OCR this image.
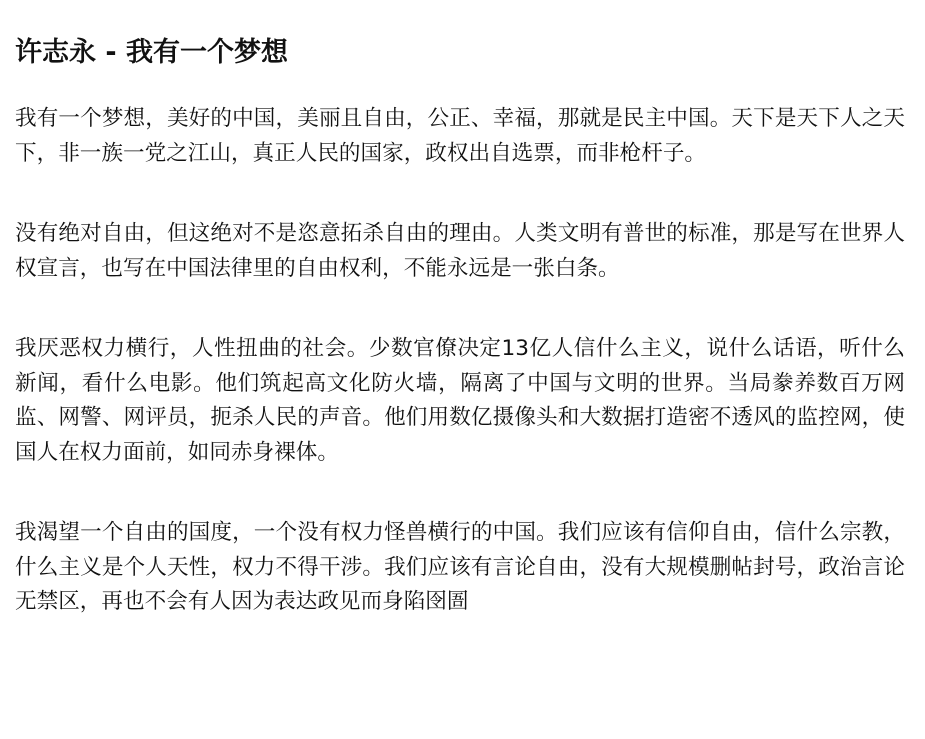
许志永 - 我有一个梦想

我有一个梦想，美好的中国，美丽且自由，公正、幸福，那就是民主中国。天下是天下人之天下，非一族一党之江山，真正人民的国家，政权出自选票，而非枪杆子。

没有绝对自由，但这绝对不是恣意拓杀自由的理由。人类文明有普世的标准，那是写在世界人权宣言，也写在中国法律里的自由权利，不能永远是一张白条。

我厌恶权力横行，人性扭曲的社会。少数官僚决定13亿人信什么主义，说什么话语，听什么新闻，看什么电影。他们筑起高文化防火墙，隔离了中国与文明的世界。当局豢养数百万网监、网警、网评员，扼杀人民的声音。他们用数亿摄像头和大数据打造密不透风的监控网，使国人在权力面前，如同赤身裸体。

我渴望一个自由的国度，一个没有权力怪兽横行的中国。我们应该有信仰自由，信什么宗教，什么主义是个人天性，权力不得干涉。我们应该有言论自由，没有大规模删帖封号，政治言论无禁区，再也不会有人因为表达政见而身陷囹圄
